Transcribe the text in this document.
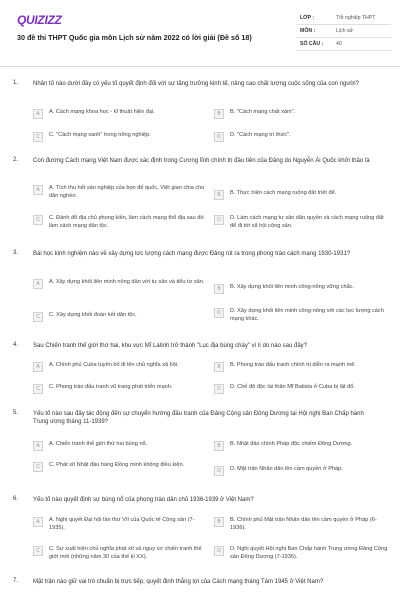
QUIZIZZ
30 đề thi THPT Quốc gia môn Lịch sử năm 2022 có lời giải (Đề số 18)
LỚP :	Tốt nghiệp THPT
MÔN :	Lịch sử
SỐ CÂU :	40
1. Nhân tố nào dưới đây có yếu tố quyết định đối với sự tăng trưởng kinh tế, nâng cao chất lượng cuộc sống của con người?
A	A. Cách mạng khoa học - kĩ thuật hiện đại.	B	B. "Cách mạng chất xám".
C	C. "Cách mạng xanh" trong nông nghiệp.	D	D. "Cách mạng trí thức".
2. Con đường Cách mạng Việt Nam được xác định trong Cương lĩnh chính trị đầu tiên của Đảng do Nguyễn Ái Quốc khởi thảo là
A	A. Tích thu hết sản nghiệp của bọn đế quốc, Việt gian chia cho dân nghèo.	B	B. Thực hiện cách mạng ruộng đất triệt để.
C	C. Đánh đổ địa chủ phong kiến, làm cách mạng thổ địa sau đó làm cách mạng dân tộc.
D	D. Làm cách mạng tư sản dân quyền và cách mạng ruộng đất để đi tới xã hội cộng sản.
3. Bài học kinh nghiệm nào về xây dựng lực lượng cách mạng được Đảng rút ra trong phong trào cách mạng 1930-1931?
A	A. Xây dựng khối liên minh nông dân với tư sản và tiểu tư sản.
B	B. Xây dựng khối liên minh công-nông vững chắc.
C	C. Xây dựng khối đoàn kết dân tộc.	D	D. Xây dựng khối liên minh công-nông với các lực lượng cách mạng khác.
4. Sau Chiến tranh thế giới thứ hai, khu vực Mĩ Latinh trở thành "Lục địa bùng cháy" vì lí do nào sau đây?
A	A. Chính phủ Cuba tuyên bố đi lên chủ nghĩa xã hội.	B	B. Phong trào đấu tranh chính trị diễn ra mạnh mẽ.
C	C. Phong trào đấu tranh vũ trang phát triển mạnh.	D	D. Chế độ độc tài thân Mĩ Batista ở Cuba bị lật đổ.
5. Yếu tố nào sau đây tác động đến sự chuyển hướng đấu tranh của Đảng Cộng sản Đông Dương tại Hội nghị Ban Chấp hành Trung ương tháng 11-1939?
A	A. Chiến tranh thế giới thứ hai bùng nổ.	B	B. Nhật đảo chính Pháp độc chiếm Đông Dương.
C	C. Phát xít Nhật đầu hàng Đồng minh không điều kiện.
D	D. Mặt trận Nhân dân lên cầm quyền ở Pháp.
6. Yếu tố nào quyết định sự bùng nổ của phong trào dân chủ 1936-1939 ở Việt Nam?
A	A. Nghị quyết Đại hội lần thứ VII của Quốc tế Cộng sản (7-1935).
B	B. Chính phủ Mặt trận Nhân dân lên cầm quyền ở Pháp (6-1936).
C	C. Sự xuất hiện chủ nghĩa phát xít và nguy cơ chiến tranh thế giới mới (những năm 30 của thế kỉ XX).
D	D. Nghị quyết Hội nghị Ban Chấp hành Trung ương Đảng Cộng sản Đông Dương (7-1936).
7. Mặt trận nào giữ vai trò chuẩn bị trực tiếp, quyết định thắng lợi của Cách mạng tháng Tám 1945 ở Việt Nam?
